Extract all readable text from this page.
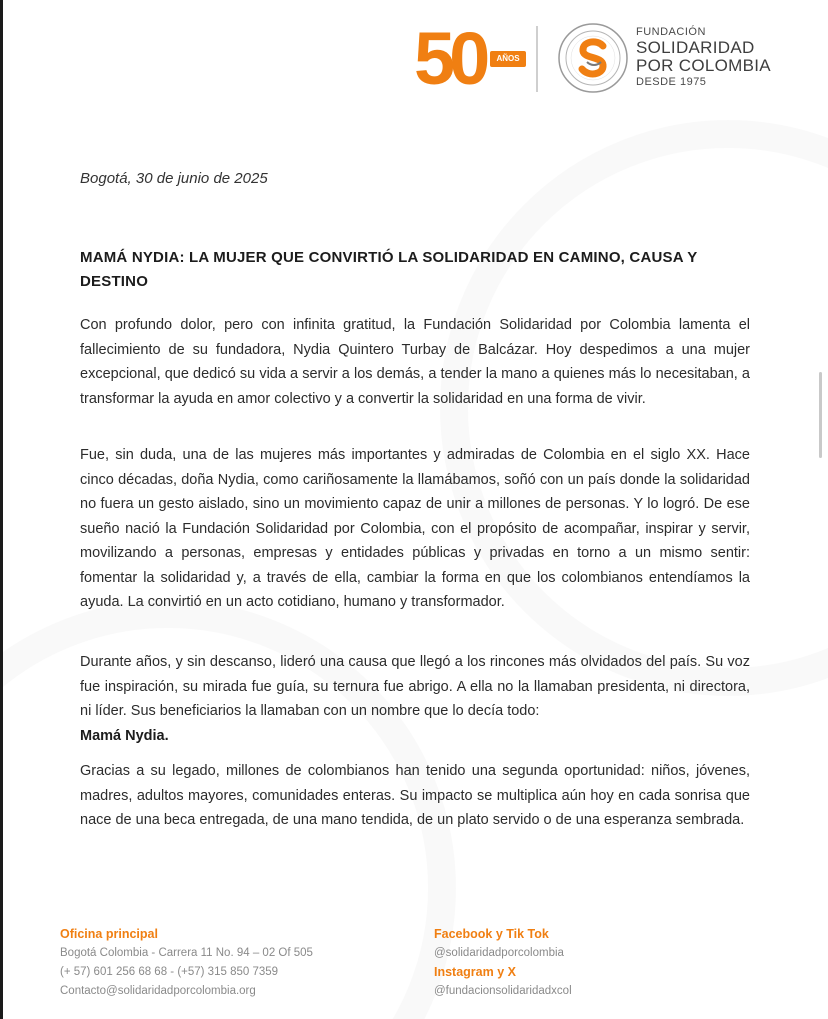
50	AÑOS
FUNDACIÓN
SOLIDARIDAD
POR COLOMBIA
DESDE 1975
Bogotá, 30 de junio de 2025
MAMÁ NYDIA: LA MUJER QUE CONVIRTIÓ LA SOLIDARIDAD EN CAMINO, CAUSA Y DESTINO

Con profundo dolor, pero con infinita gratitud, la Fundación Solidaridad por Colombia lamenta el fallecimiento de su fundadora, Nydia Quintero Turbay de Balcázar. Hoy despedimos a una mujer excepcional, que dedicó su vida a servir a los demás, a tender la mano a quienes más lo necesitaban, a transformar la ayuda en amor colectivo y a convertir la solidaridad en una forma de vivir.

Fue, sin duda, una de las mujeres más importantes y admiradas de Colombia en el siglo XX. Hace cinco décadas, doña Nydia, como cariñosamente la llamábamos, soñó con un país donde la solidaridad no fuera un gesto aislado, sino un movimiento capaz de unir a millones de personas. Y lo logró. De ese sueño nació la Fundación Solidaridad por Colombia, con el propósito de acompañar, inspirar y servir, movilizando a personas, empresas y entidades públicas y privadas en torno a un mismo sentir: fomentar la solidaridad y, a través de ella, cambiar la forma en que los colombianos entendíamos la ayuda. La convirtió en un acto cotidiano, humano y transformador.

Durante años, y sin descanso, lideró una causa que llegó a los rincones más olvidados del país. Su voz fue inspiración, su mirada fue guía, su ternura fue abrigo. A ella no la llamaban presidenta, ni directora, ni líder. Sus beneficiarios la llamaban con un nombre que lo decía todo:
Mamá Nydia.

Gracias a su legado, millones de colombianos han tenido una segunda oportunidad: niños, jóvenes, madres, adultos mayores, comunidades enteras. Su impacto se multiplica aún hoy en cada sonrisa que nace de una beca entregada, de una mano tendida, de un plato servido o de una esperanza sembrada.

Oficina principal
Bogotá Colombia - Carrera 11 No. 94 – 02 Of 505
(+ 57) 601 256 68 68 - (+57) 315 850 7359
Contacto@solidaridadporcolombia.org
Facebook y Tik Tok
@solidaridadporcolombia
Instagram y X
@fundacionsolidaridadxcol
